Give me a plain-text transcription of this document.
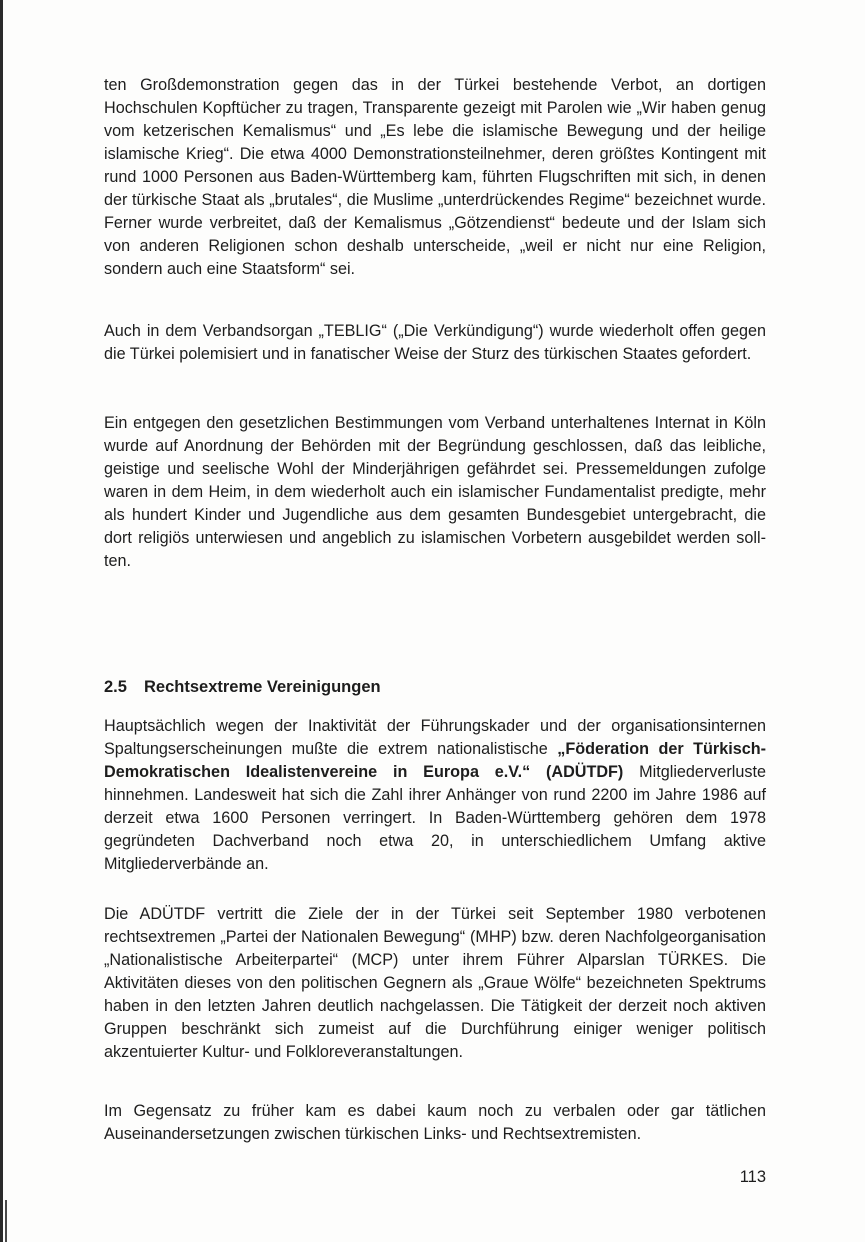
ten Großdemonstration gegen das in der Türkei bestehende Verbot, an dortigen Hochschulen Kopftücher zu tragen, Transparente gezeigt mit Parolen wie „Wir haben genug vom ketzerischen Kemalismus“ und „Es lebe die islamische Bewegung und der heilige islamische Krieg“. Die etwa 4000 Demonstrationsteilnehmer, deren größtes Kontingent mit rund 1000 Personen aus Baden-Württemberg kam, führten Flugschriften mit sich, in denen der türkische Staat als „brutales“, die Muslime „unterdrückendes Regime“ bezeichnet wurde. Ferner wurde verbreitet, daß der Kemalismus „Götzendienst“ bedeute und der Islam sich von anderen Religionen schon deshalb unterscheide, „weil er nicht nur eine Religion, sondern auch eine Staatsform“ sei.

Auch in dem Verbandsorgan „TEBLIG“ („Die Verkündigung“) wurde wiederholt offen gegen die Türkei polemisiert und in fanatischer Weise der Sturz des türkischen Staates gefordert.

Ein entgegen den gesetzlichen Bestimmungen vom Verband unterhaltenes Internat in Köln wurde auf Anordnung der Behörden mit der Begründung geschlossen, daß das leibliche, geistige und seelische Wohl der Minderjährigen gefährdet sei. Pressemeldungen zufolge waren in dem Heim, in dem wiederholt auch ein islamischer Fundamentalist predigte, mehr als hundert Kinder und Jugendliche aus dem gesamten Bundesgebiet untergebracht, die dort religiös unterwiesen und angeblich zu islamischen Vorbetern ausgebildet werden sollten.

2.5 Rechtsextreme Vereinigungen

Hauptsächlich wegen der Inaktivität der Führungskader und der organisationsinternen Spaltungserscheinungen mußte die extrem nationalistische „Föderation der Türkisch-Demokratischen Idealistenvereine in Europa e.V.“ (ADÜTDF) Mitgliederverluste hinnehmen. Landesweit hat sich die Zahl ihrer Anhänger von rund 2200 im Jahre 1986 auf derzeit etwa 1600 Personen verringert. In Baden-Württemberg gehören dem 1978 gegründeten Dachverband noch etwa 20, in unterschiedlichem Umfang aktive Mitgliederverbände an.

Die ADÜTDF vertritt die Ziele der in der Türkei seit September 1980 verbotenen rechtsextremen „Partei der Nationalen Bewegung“ (MHP) bzw. deren Nachfolgeorganisation „Nationalistische Arbeiterpartei“ (MCP) unter ihrem Führer Alparslan TÜRKES. Die Aktivitäten dieses von den politischen Gegnern als „Graue Wölfe“ bezeichneten Spektrums haben in den letzten Jahren deutlich nachgelassen. Die Tätigkeit der derzeit noch aktiven Gruppen beschränkt sich zumeist auf die Durchführung einiger weniger politisch akzentuierter Kultur- und Folkloreveranstaltungen.

Im Gegensatz zu früher kam es dabei kaum noch zu verbalen oder gar tätlichen Auseinandersetzungen zwischen türkischen Links- und Rechtsextremisten.

113
